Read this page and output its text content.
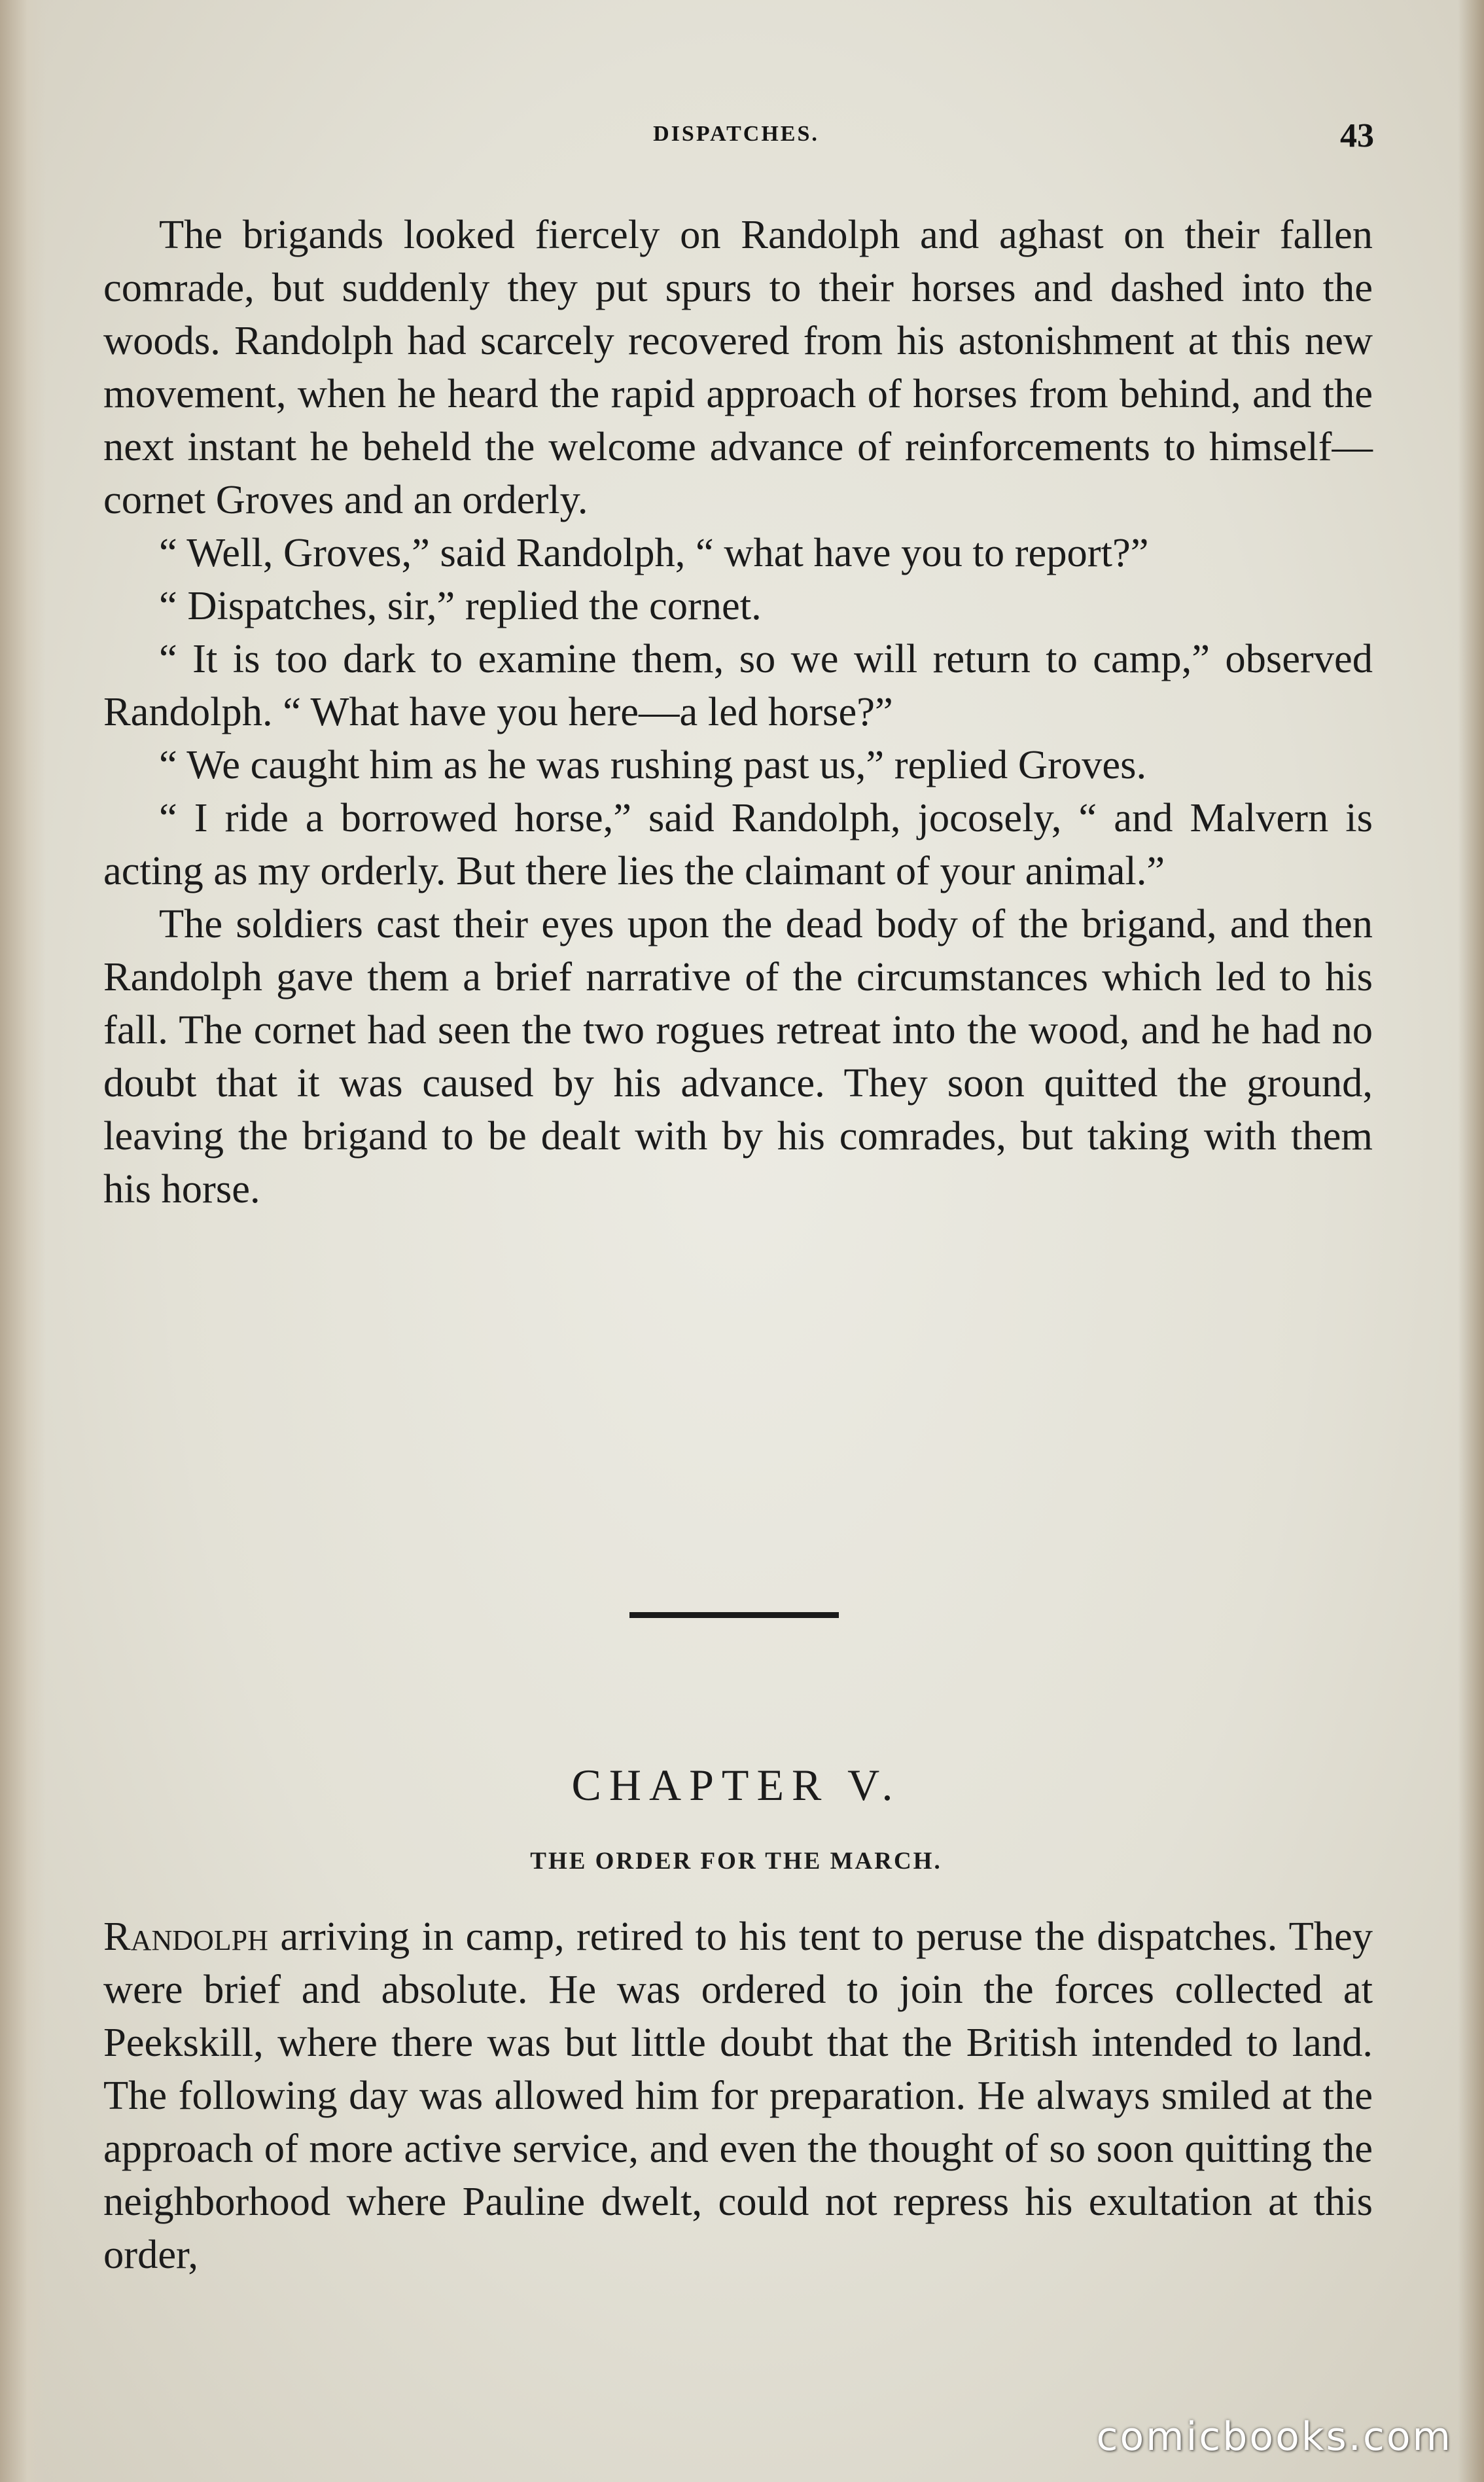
DISPATCHES.	43

The brigands looked fiercely on Randolph and aghast on their fallen comrade, but suddenly they put spurs to their horses and dashed into the woods. Randolph had scarcely recovered from his astonishment at this new movement, when he heard the rapid approach of horses from behind, and the next instant he beheld the welcome advance of reinforcements to himself—cornet Groves and an orderly.

“ Well, Groves,” said Randolph, “ what have you to report?”

“ Dispatches, sir,” replied the cornet.

“ It is too dark to examine them, so we will return to camp,” observed Randolph. “ What have you here—a led horse?”

“ We caught him as he was rushing past us,” replied Groves.

“ I ride a borrowed horse,” said Randolph, jocosely, “ and Malvern is acting as my orderly. But there lies the claimant of your animal.”

The soldiers cast their eyes upon the dead body of the brigand, and then Randolph gave them a brief narrative of the circumstances which led to his fall. The cornet had seen the two rogues retreat into the wood, and he had no doubt that it was caused by his advance. They soon quitted the ground, leaving the brigand to be dealt with by his comrades, but taking with them his horse.

CHAPTER V.
THE ORDER FOR THE MARCH.

Randolph arriving in camp, retired to his tent to peruse the dispatches. They were brief and absolute. He was ordered to join the forces collected at Peekskill, where there was but little doubt that the British intended to land. The following day was allowed him for preparation. He always smiled at the approach of more active service, and even the thought of so soon quitting the neighborhood where Pauline dwelt, could not repress his exultation at this order,

comicbooks.com
